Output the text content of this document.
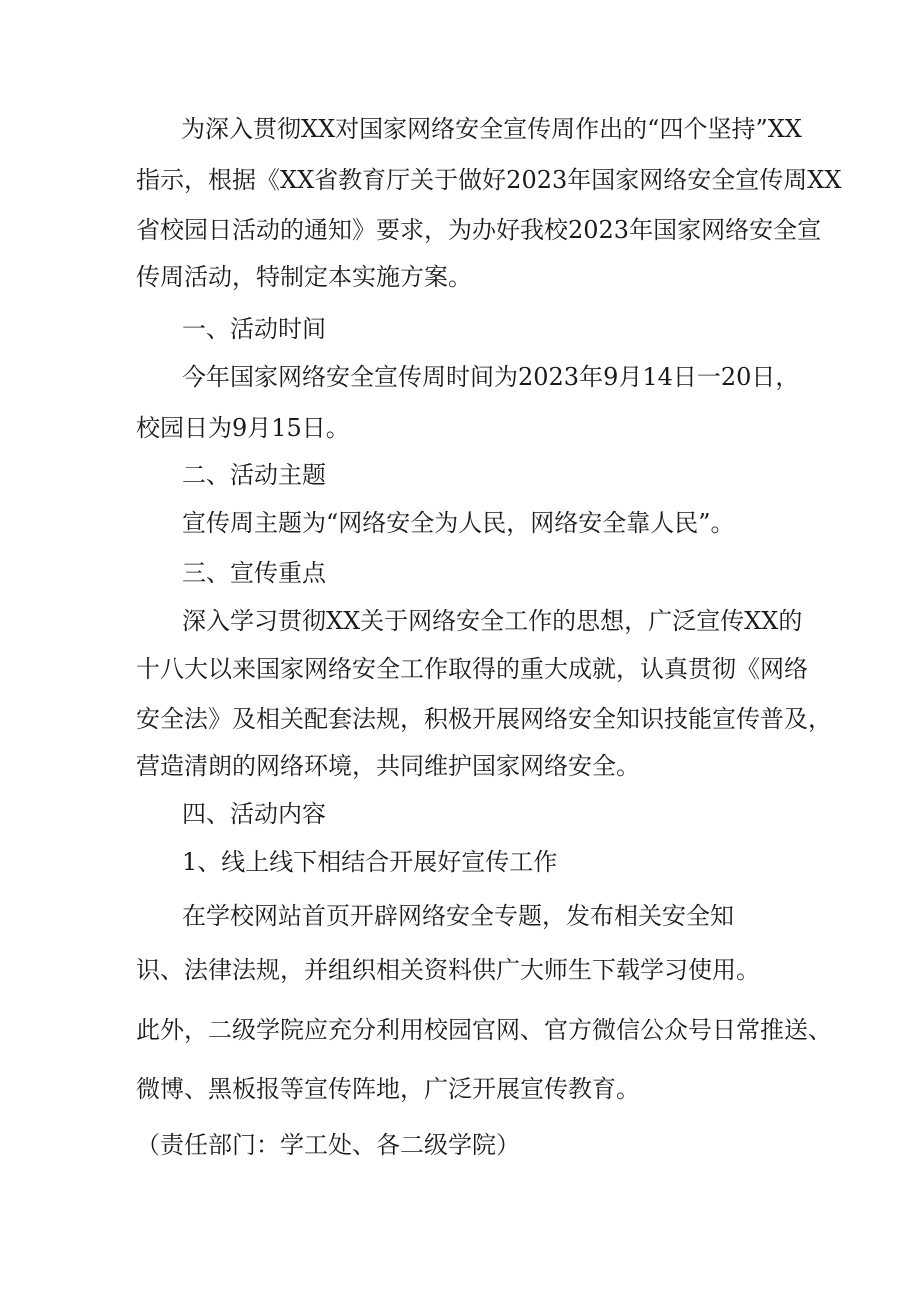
为深入贯彻XX对国家网络安全宣传周作出的“四个坚持”XX
指示，根据《XX省教育厅关于做好2023年国家网络安全宣传周XX
省校园日活动的通知》要求，为办好我校2023年国家网络安全宣
传周活动，特制定本实施方案。
一、活动时间
今年国家网络安全宣传周时间为2023年9月14日一20日，
校园日为9月15日。
二、活动主题
宣传周主题为“网络安全为人民，网络安全靠人民”。
三、宣传重点
深入学习贯彻XX关于网络安全工作的思想，广泛宣传XX的
十八大以来国家网络安全工作取得的重大成就，认真贯彻《网络
安全法》及相关配套法规，积极开展网络安全知识技能宣传普及，
营造清朗的网络环境，共同维护国家网络安全。
四、活动内容
1、线上线下相结合开展好宣传工作
在学校网站首页开辟网络安全专题，发布相关安全知
识、法律法规，并组织相关资料供广大师生下载学习使用。
此外，二级学院应充分利用校园官网、官方微信公众号日常推送、
微博、黑板报等宣传阵地，广泛开展宣传教育。
（责任部门：学工处、各二级学院）
